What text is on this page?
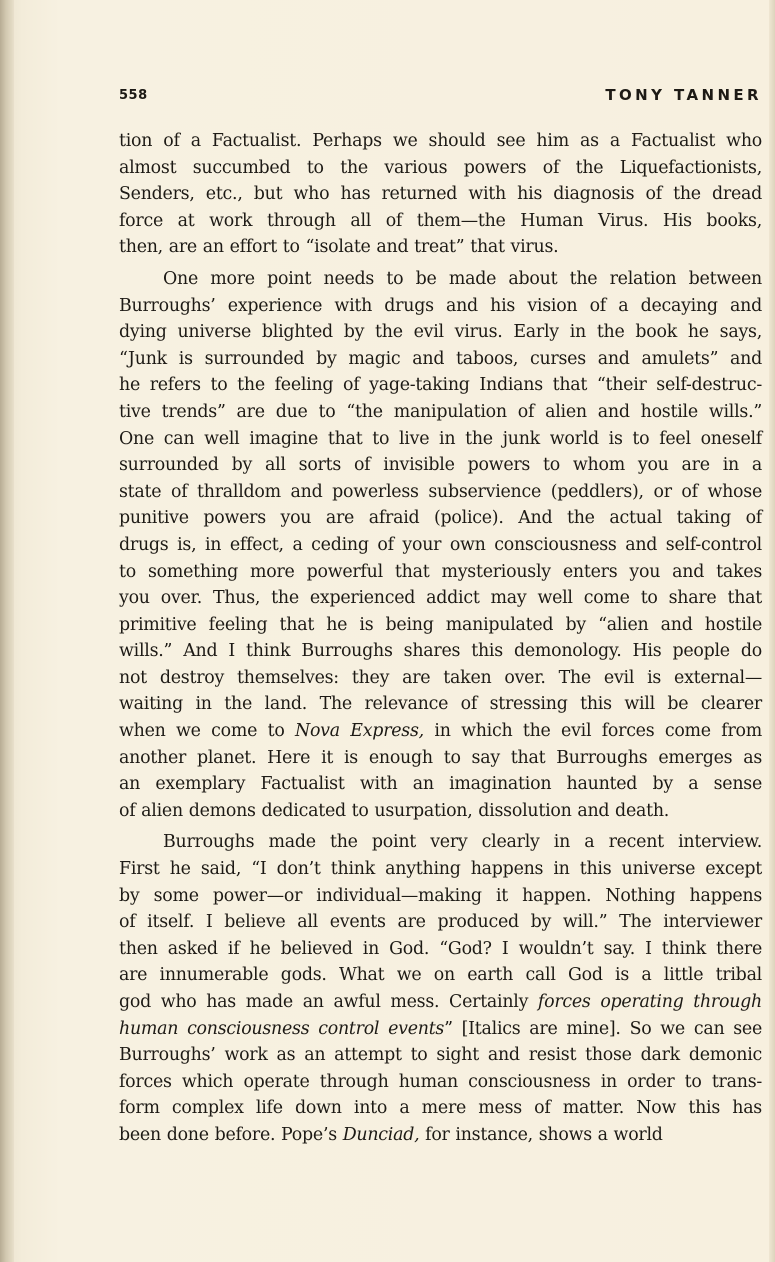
558	TONY TANNER
tion of a Factualist. Perhaps we should see him as a Factualist who
almost succumbed to the various powers of the Liquefactionists,
Senders, etc., but who has returned with his diagnosis of the dread
force at work through all of them—the Human Virus. His books,
then, are an effort to “isolate and treat” that virus.
One more point needs to be made about the relation between
Burroughs’ experience with drugs and his vision of a decaying and
dying universe blighted by the evil virus. Early in the book he says,
“Junk is surrounded by magic and taboos, curses and amulets” and
he refers to the feeling of yage-taking Indians that “their self-destruc-
tive trends” are due to “the manipulation of alien and hostile wills.”
One can well imagine that to live in the junk world is to feel oneself
surrounded by all sorts of invisible powers to whom you are in a
state of thralldom and powerless subservience (peddlers), or of whose
punitive powers you are afraid (police). And the actual taking of
drugs is, in effect, a ceding of your own consciousness and self-control
to something more powerful that mysteriously enters you and takes
you over. Thus, the experienced addict may well come to share that
primitive feeling that he is being manipulated by “alien and hostile
wills.” And I think Burroughs shares this demonology. His people do
not destroy themselves: they are taken over. The evil is external—
waiting in the land. The relevance of stressing this will be clearer
when we come to Nova Express, in which the evil forces come from
another planet. Here it is enough to say that Burroughs emerges as
an exemplary Factualist with an imagination haunted by a sense
of alien demons dedicated to usurpation, dissolution and death.
Burroughs made the point very clearly in a recent interview.
First he said, “I don’t think anything happens in this universe except
by some power—or individual—making it happen. Nothing happens
of itself. I believe all events are produced by will.” The interviewer
then asked if he believed in God. “God? I wouldn’t say. I think there
are innumerable gods. What we on earth call God is a little tribal
god who has made an awful mess. Certainly forces operating through
human consciousness control events” [Italics are mine]. So we can see
Burroughs’ work as an attempt to sight and resist those dark demonic
forces which operate through human consciousness in order to trans-
form complex life down into a mere mess of matter. Now this has
been done before. Pope’s Dunciad, for instance, shows a world
